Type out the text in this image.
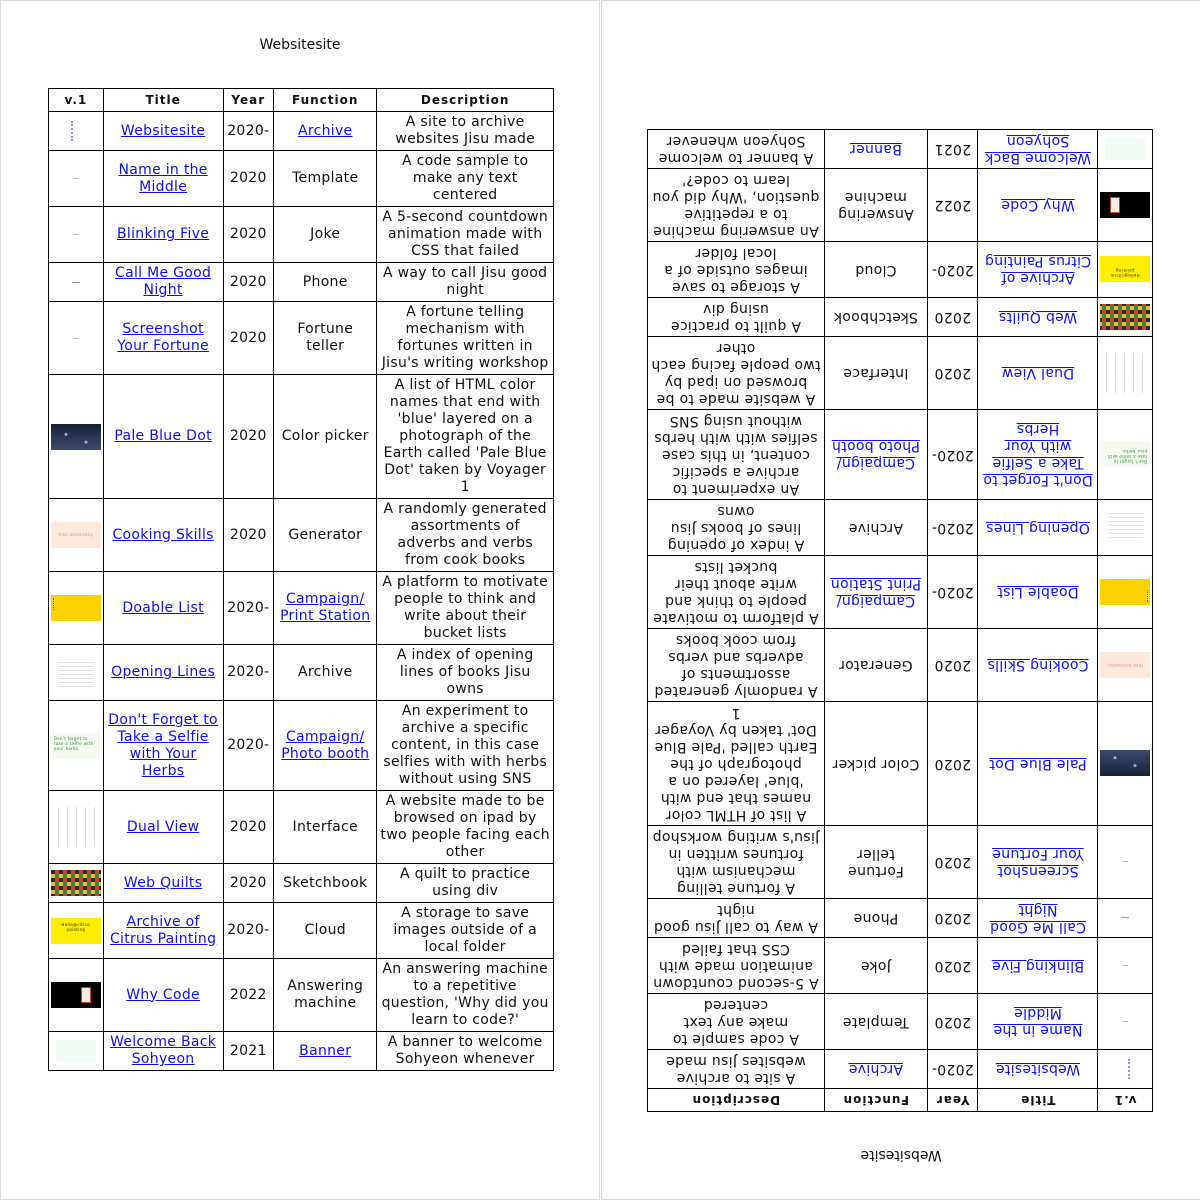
Websitesite
v.1	Title	Year	Function	Description

	Websitesite	2020-	Archive	A site to archive websites Jisu made

	Name in the Middle	2020	Template	A code sample to make any text centered

	Blinking Five	2020	Joke	A 5-second countdown animation made with CSS that failed

	Call Me Good Night	2020	Phone	A way to call Jisu good night

	Screenshot Your Fortune	2020	Fortune teller	A fortune telling mechanism with fortunes written in Jisu's writing workshop

	Pale Blue Dot	2020	Color picker	A list of HTML color names that end with 'blue' layered on a photograph of the Earth called 'Pale Blue Dot' taken by Voyager 1

hike unsteadily	Cooking Skills	2020	Generator	A randomly generated assortments of adverbs and verbs from cook books

	Doable List	2020-	Campaign/ Print Station	A platform to motivate people to think and write about their bucket lists

	Opening Lines	2020-	Archive	A index of opening lines of books Jisu owns

Don't forget to take a selfie with your herbs.	Don't Forget to Take a Selfie with Your Herbs	2020-	Campaign/ Photo booth	An experiment to archive a specific content, in this case selfies with with herbs without using SNS

	Dual View	2020	Interface	A website made to be browsed on ipad by two people facing each other

	Web Quilts	2020	Sketchbook	A quilt to practice using div

Hello@citrus painting	Archive of Citrus Painting	2020-	Cloud	A storage to save images outside of a local folder

	Why Code	2022	Answering machine	An answering machine to a repetitive question, 'Why did you learn to code?'

	Welcome Back Sohyeon	2021	Banner	A banner to welcome Sohyeon whenever
Websitesite
v.1	Title	Year	Function	Description

	Websitesite	2020-	Archive	A site to archive websites Jisu made

	Name in the Middle	2020	Template	A code sample to make any text centered

	Blinking Five	2020	Joke	A 5-second countdown animation made with CSS that failed

	Call Me Good Night	2020	Phone	A way to call Jisu good night

	Screenshot Your Fortune	2020	Fortune teller	A fortune telling mechanism with fortunes written in Jisu's writing workshop

	Pale Blue Dot	2020	Color picker	A list of HTML color names that end with 'blue' layered on a photograph of the Earth called 'Pale Blue Dot' taken by Voyager 1

hike unsteadily	Cooking Skills	2020	Generator	A randomly generated assortments of adverbs and verbs from cook books

	Doable List	2020-	Campaign/ Print Station	A platform to motivate people to think and write about their bucket lists

	Opening Lines	2020-	Archive	A index of opening lines of books Jisu owns

Don't forget to take a selfie with your herbs.	Don't Forget to Take a Selfie with Your Herbs	2020-	Campaign/ Photo booth	An experiment to archive a specific content, in this case selfies with with herbs without using SNS

	Dual View	2020	Interface	A website made to be browsed on ipad by two people facing each other

	Web Quilts	2020	Sketchbook	A quilt to practice using div

Hello@citrus painting	Archive of Citrus Painting	2020-	Cloud	A storage to save images outside of a local folder

	Why Code	2022	Answering machine	An answering machine to a repetitive question, 'Why did you learn to code?'

	Welcome Back Sohyeon	2021	Banner	A banner to welcome Sohyeon whenever
